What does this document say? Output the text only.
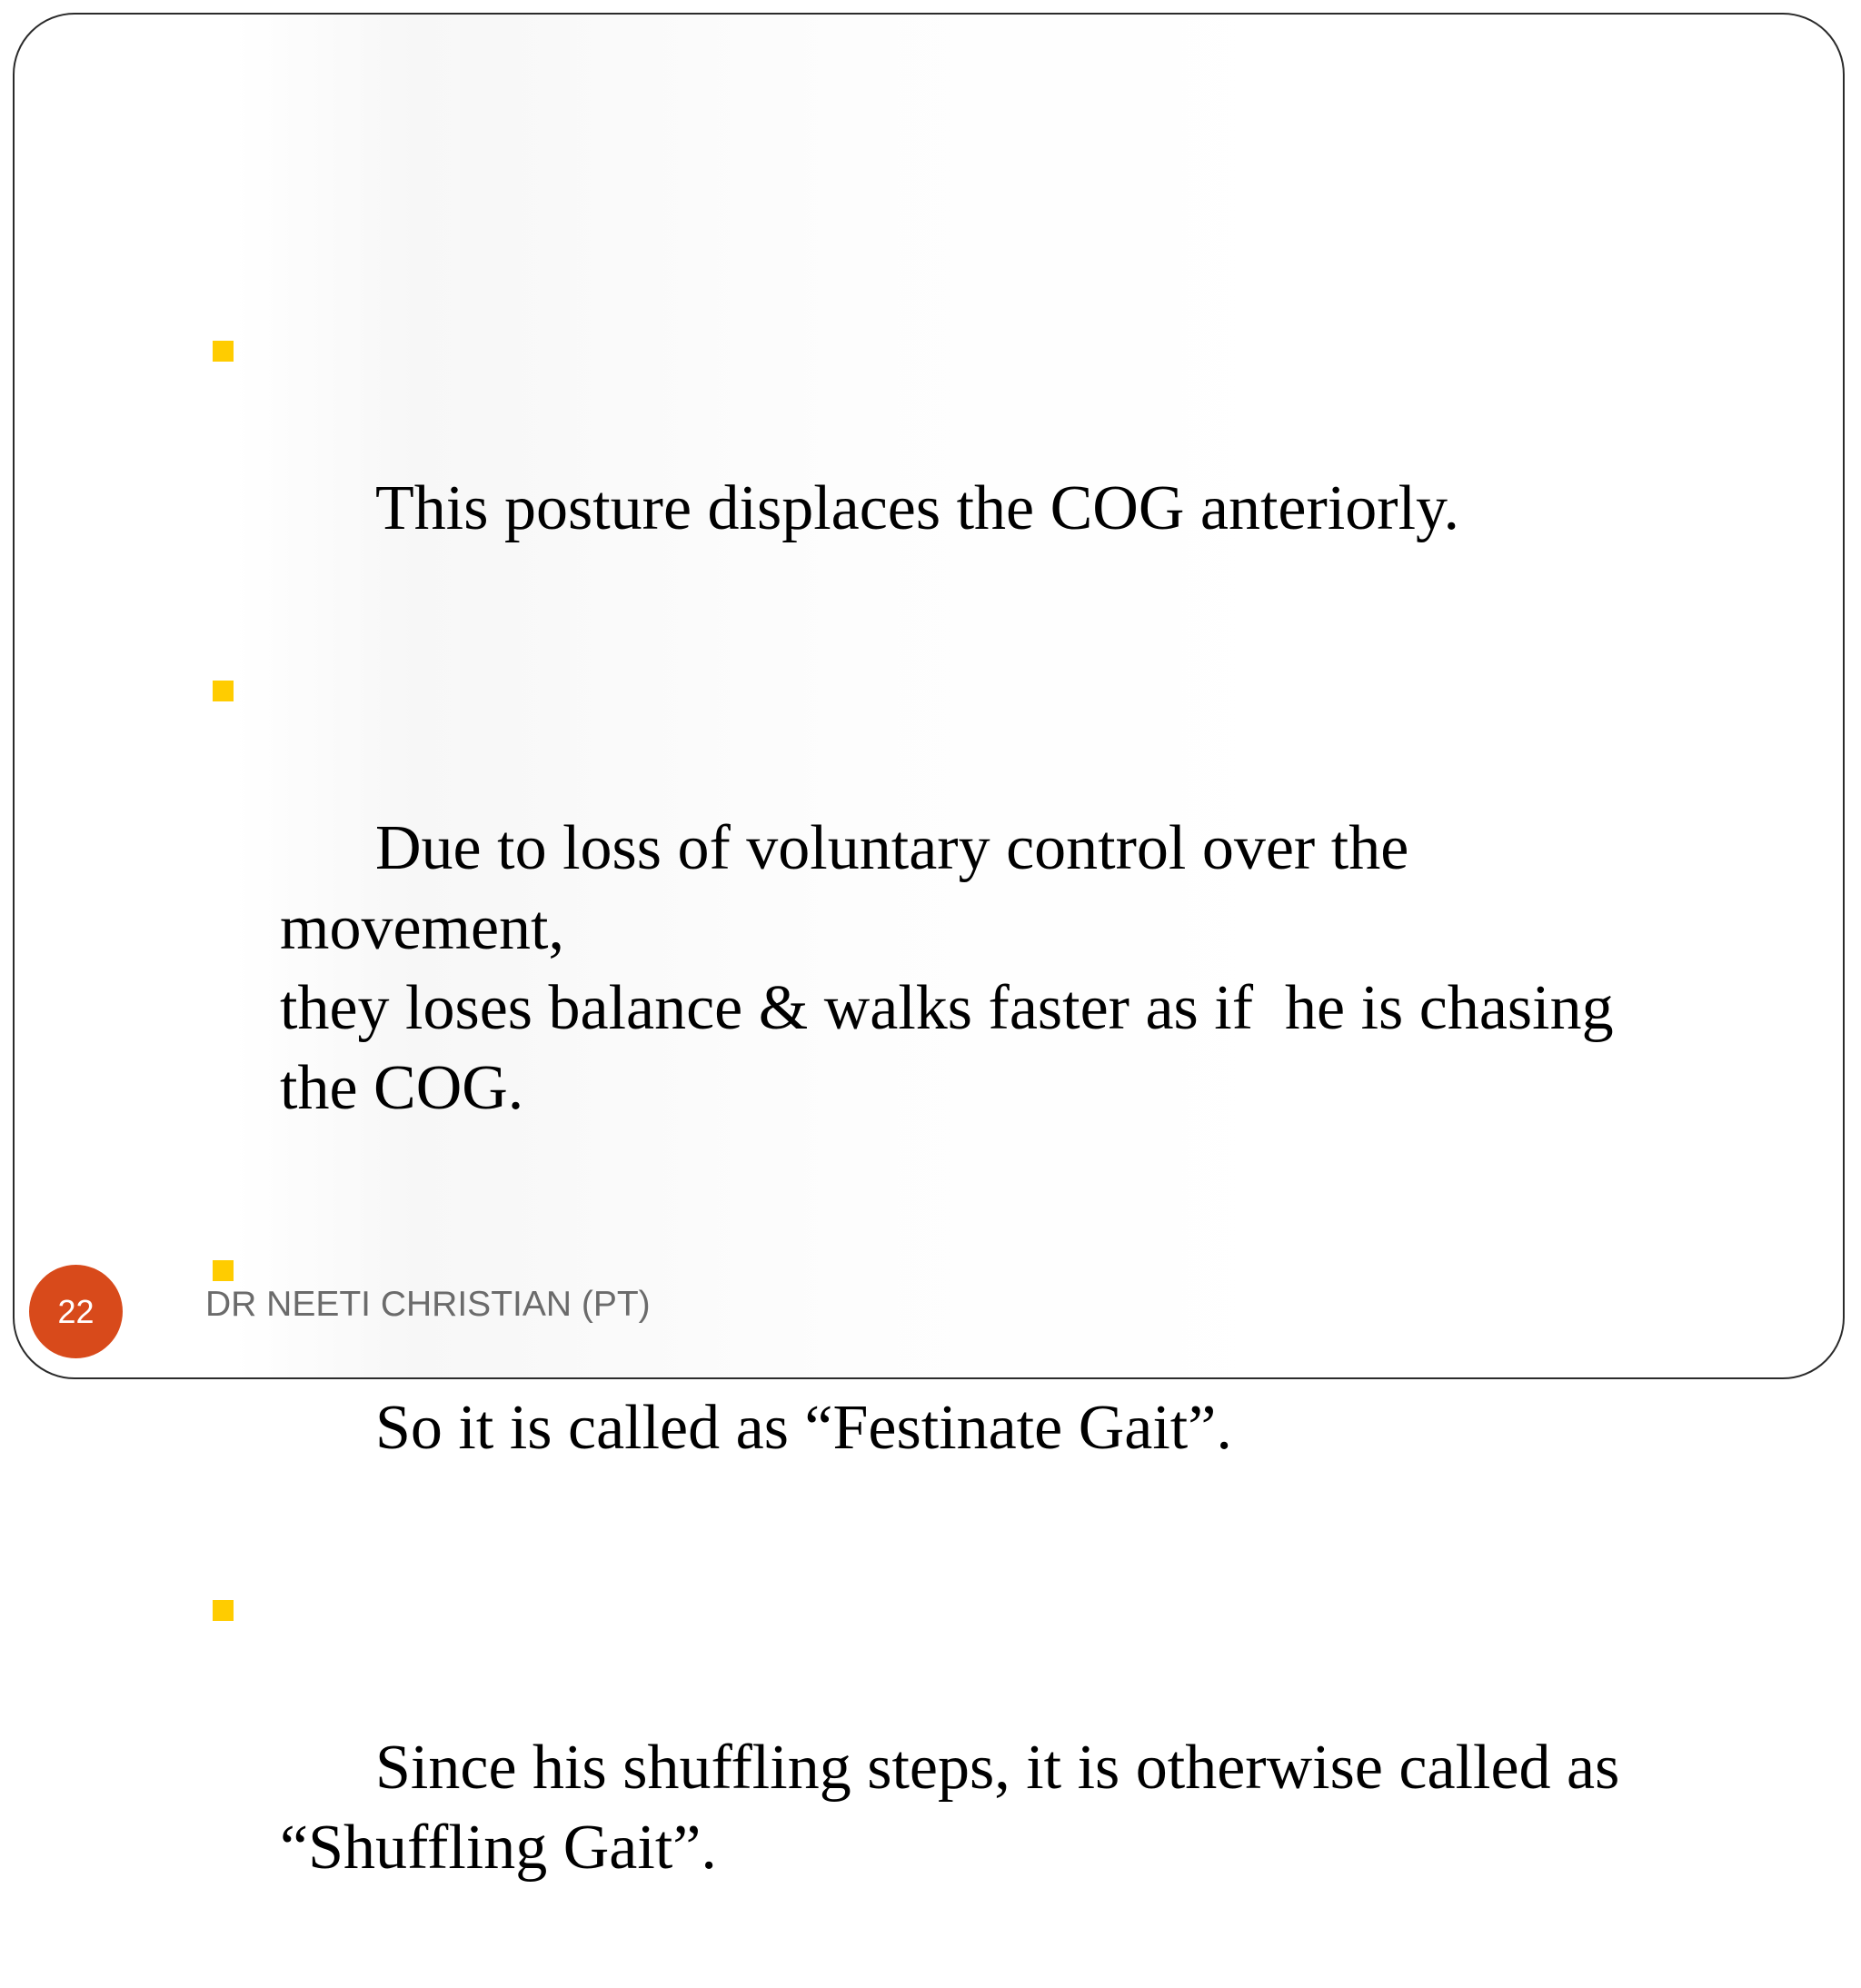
This posture displaces the COG anteriorly.

Due to loss of voluntary control over the  movement,
they loses balance & walks faster as if  he is chasing
the COG.

So it is called as “Festinate Gait”.

Since his shuffling steps, it is otherwise called as
“Shuffling Gait”.

22	DR NEETI CHRISTIAN (PT)
